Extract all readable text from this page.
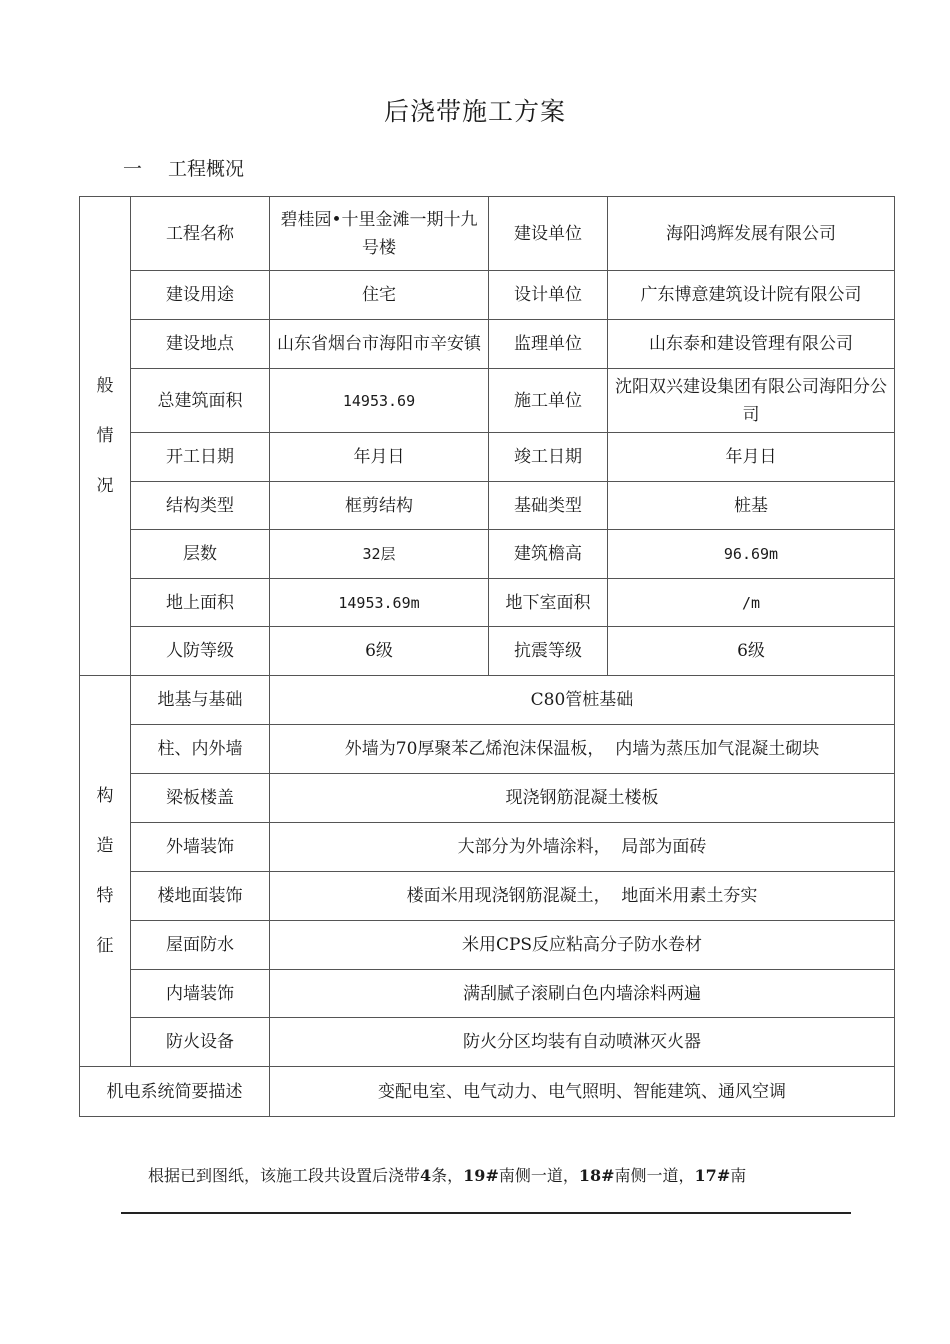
后浇带施工方案
一 工程概况
般
情
况	工程名称	碧桂园•十里金滩一期十九号楼	建设单位	海阳鸿辉发展有限公司
	建设用途	住宅	设计单位	广东博意建筑设计院有限公司
	建设地点	山东省烟台市海阳市辛安镇	监理单位	山东泰和建设管理有限公司
	总建筑面积	14953.69	施工单位	沈阳双兴建设集团有限公司海阳分公司
	开工日期	年月日	竣工日期	年月日
	结构类型	框剪结构	基础类型	桩基
	层数	32层	建筑檐高	96.69m
	地上面积	14953.69m	地下室面积	/m
	人防等级	6级	抗震等级	6级

构
造
特
征	地基与基础	C80管桩基础		
	柱、内外墙	外墙为70厚聚苯乙烯泡沫保温板，  内墙为蒸压加气混凝土砌块		
	梁板楼盖	现浇钢筋混凝土楼板		
	外墙装饰	大部分为外墙涂料，  局部为面砖		
	楼地面装饰	楼面米用现浇钢筋混凝土，  地面米用素土夯实		
	屋面防水	米用CPS反应粘高分子防水卷材		
	内墙装饰	满刮腻子滚刷白色内墙涂料两遍		
	防火设备	防火分区均装有自动喷淋灭火器		
机电系统简要描述		变配电室、电气动力、电气照明、智能建筑、通风空调		
根据已到图纸，该施工段共设置后浇带4条，19#南侧一道，18#南侧一道，17#南
